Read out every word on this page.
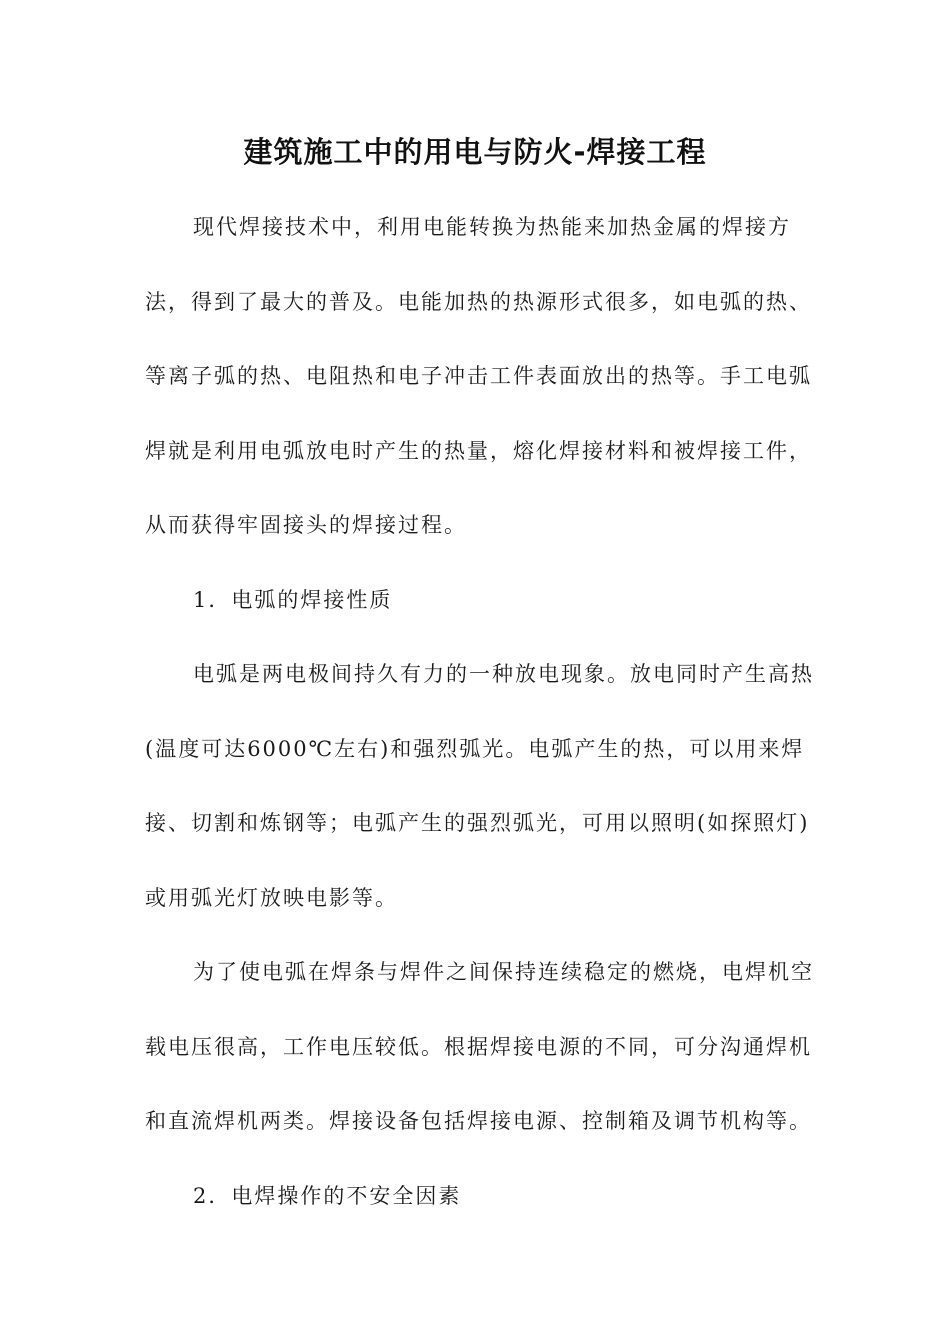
建筑施工中的用电与防火-焊接工程

现代焊接技术中，利用电能转换为热能来加热金属的焊接方法，得到了最大的普及。电能加热的热源形式很多，如电弧的热、等离子弧的热、电阻热和电子冲击工件表面放出的热等。手工电弧焊就是利用电弧放电时产生的热量，熔化焊接材料和被焊接工件，从而获得牢固接头的焊接过程。

1．电弧的焊接性质

电弧是两电极间持久有力的一种放电现象。放电同时产生高热(温度可达6000℃左右)和强烈弧光。电弧产生的热，可以用来焊接、切割和炼钢等；电弧产生的强烈弧光，可用以照明(如探照灯)或用弧光灯放映电影等。

为了使电弧在焊条与焊件之间保持连续稳定的燃烧，电焊机空载电压很高，工作电压较低。根据焊接电源的不同，可分沟通焊机和直流焊机两类。焊接设备包括焊接电源、控制箱及调节机构等。

2．电焊操作的不安全因素
